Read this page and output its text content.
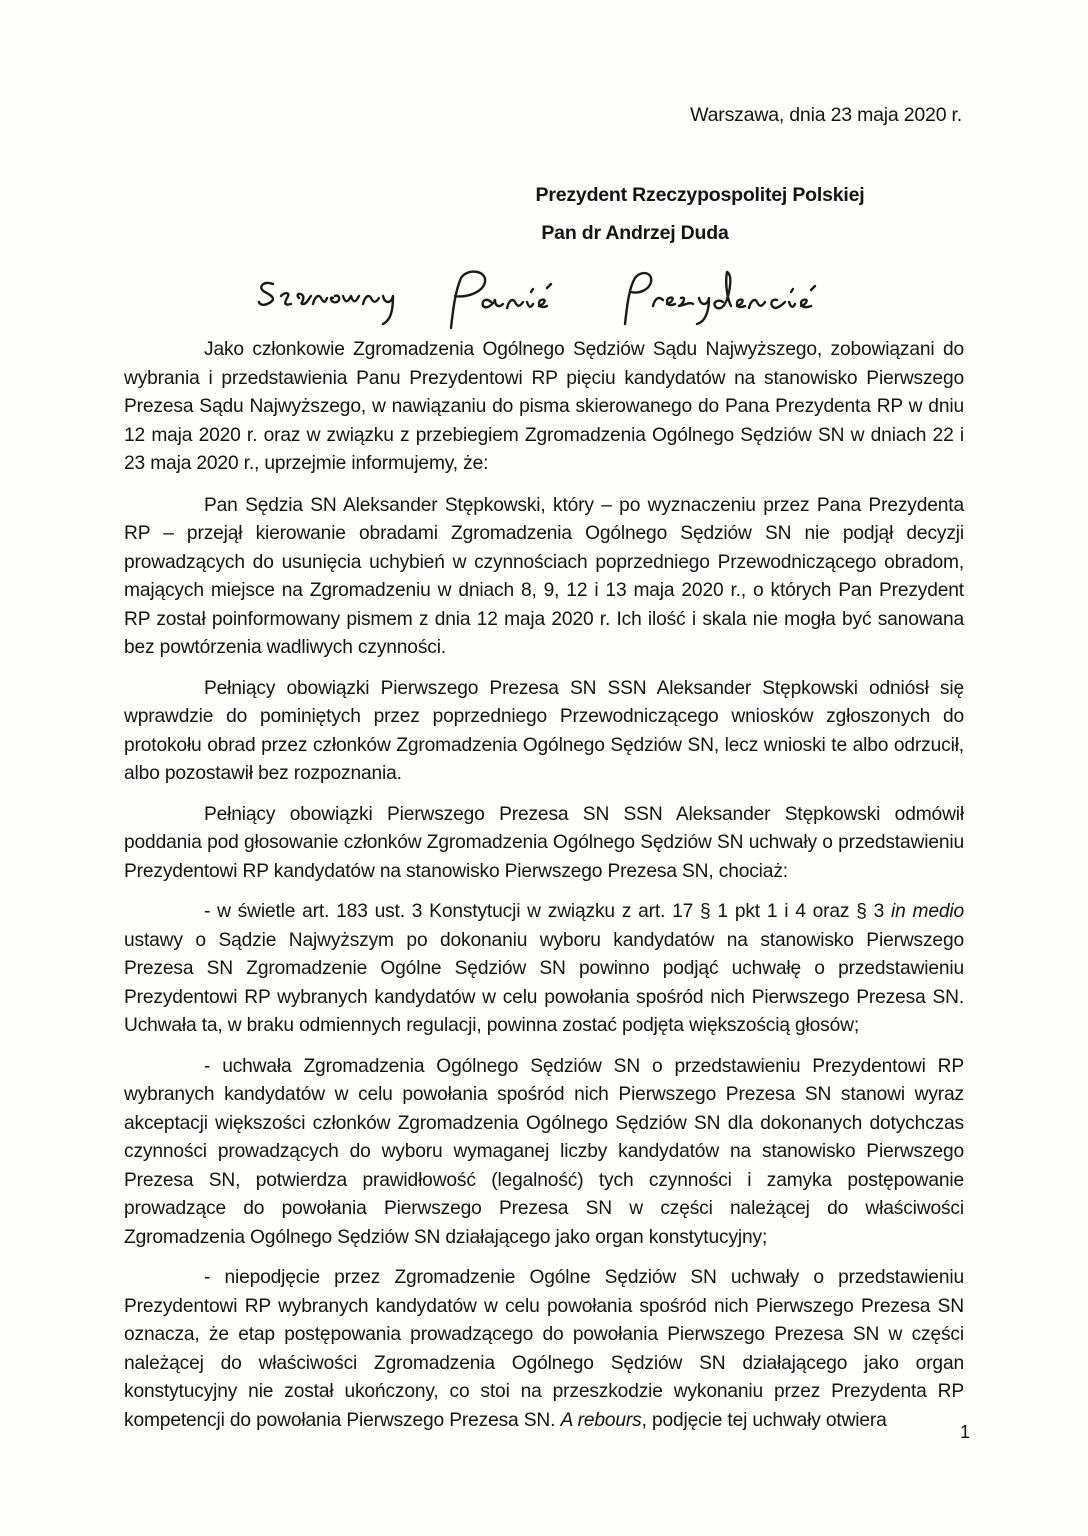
Warszawa, dnia 23 maja 2020 r.
Prezydent Rzeczypospolitej Polskiej
Pan dr Andrzej Duda

Jako członkowie Zgromadzenia Ogólnego Sędziów Sądu Najwyższego, zobowiązani do wybrania i przedstawienia Panu Prezydentowi RP pięciu kandydatów na stanowisko Pierwszego Prezesa Sądu Najwyższego, w nawiązaniu do pisma skierowanego do Pana Prezydenta RP w dniu 12 maja 2020 r. oraz w związku z przebiegiem Zgromadzenia Ogólnego Sędziów SN w dniach 22 i 23 maja 2020 r., uprzejmie informujemy, że:

Pan Sędzia SN Aleksander Stępkowski, który – po wyznaczeniu przez Pana Prezydenta RP – przejął kierowanie obradami Zgromadzenia Ogólnego Sędziów SN nie podjął decyzji prowadzących do usunięcia uchybień w czynnościach poprzedniego Przewodniczącego obradom, mających miejsce na Zgromadzeniu w dniach 8, 9, 12 i 13 maja 2020 r., o których Pan Prezydent RP został poinformowany pismem z dnia 12 maja 2020 r. Ich ilość i skala nie mogła być sanowana bez powtórzenia wadliwych czynności.

Pełniący obowiązki Pierwszego Prezesa SN SSN Aleksander Stępkowski odniósł się wprawdzie do pominiętych przez poprzedniego Przewodniczącego wniosków zgłoszonych do protokołu obrad przez członków Zgromadzenia Ogólnego Sędziów SN, lecz wnioski te albo odrzucił, albo pozostawił bez rozpoznania.

Pełniący obowiązki Pierwszego Prezesa SN SSN Aleksander Stępkowski odmówił poddania pod głosowanie członków Zgromadzenia Ogólnego Sędziów SN uchwały o przedstawieniu Prezydentowi RP kandydatów na stanowisko Pierwszego Prezesa SN, chociaż:

- w świetle art. 183 ust. 3 Konstytucji w związku z art. 17 § 1 pkt 1 i 4 oraz § 3 in medio ustawy o Sądzie Najwyższym po dokonaniu wyboru kandydatów na stanowisko Pierwszego Prezesa SN Zgromadzenie Ogólne Sędziów SN powinno podjąć uchwałę o przedstawieniu Prezydentowi RP wybranych kandydatów w celu powołania spośród nich Pierwszego Prezesa SN. Uchwała ta, w braku odmiennych regulacji, powinna zostać podjęta większością głosów;

- uchwała Zgromadzenia Ogólnego Sędziów SN o przedstawieniu Prezydentowi RP wybranych kandydatów w celu powołania spośród nich Pierwszego Prezesa SN stanowi wyraz akceptacji większości członków Zgromadzenia Ogólnego Sędziów SN dla dokonanych dotychczas czynności prowadzących do wyboru wymaganej liczby kandydatów na stanowisko Pierwszego Prezesa SN, potwierdza prawidłowość (legalność) tych czynności i zamyka postępowanie prowadzące do powołania Pierwszego Prezesa SN w części należącej do właściwości Zgromadzenia Ogólnego Sędziów SN działającego jako organ konstytucyjny;

- niepodjęcie przez Zgromadzenie Ogólne Sędziów SN uchwały o przedstawieniu Prezydentowi RP wybranych kandydatów w celu powołania spośród nich Pierwszego Prezesa SN oznacza, że etap postępowania prowadzącego do powołania Pierwszego Prezesa SN w części należącej do właściwości Zgromadzenia Ogólnego Sędziów SN działającego jako organ konstytucyjny nie został ukończony, co stoi na przeszkodzie wykonaniu przez Prezydenta RP kompetencji do powołania Pierwszego Prezesa SN. A rebours, podjęcie tej uchwały otwiera

1
